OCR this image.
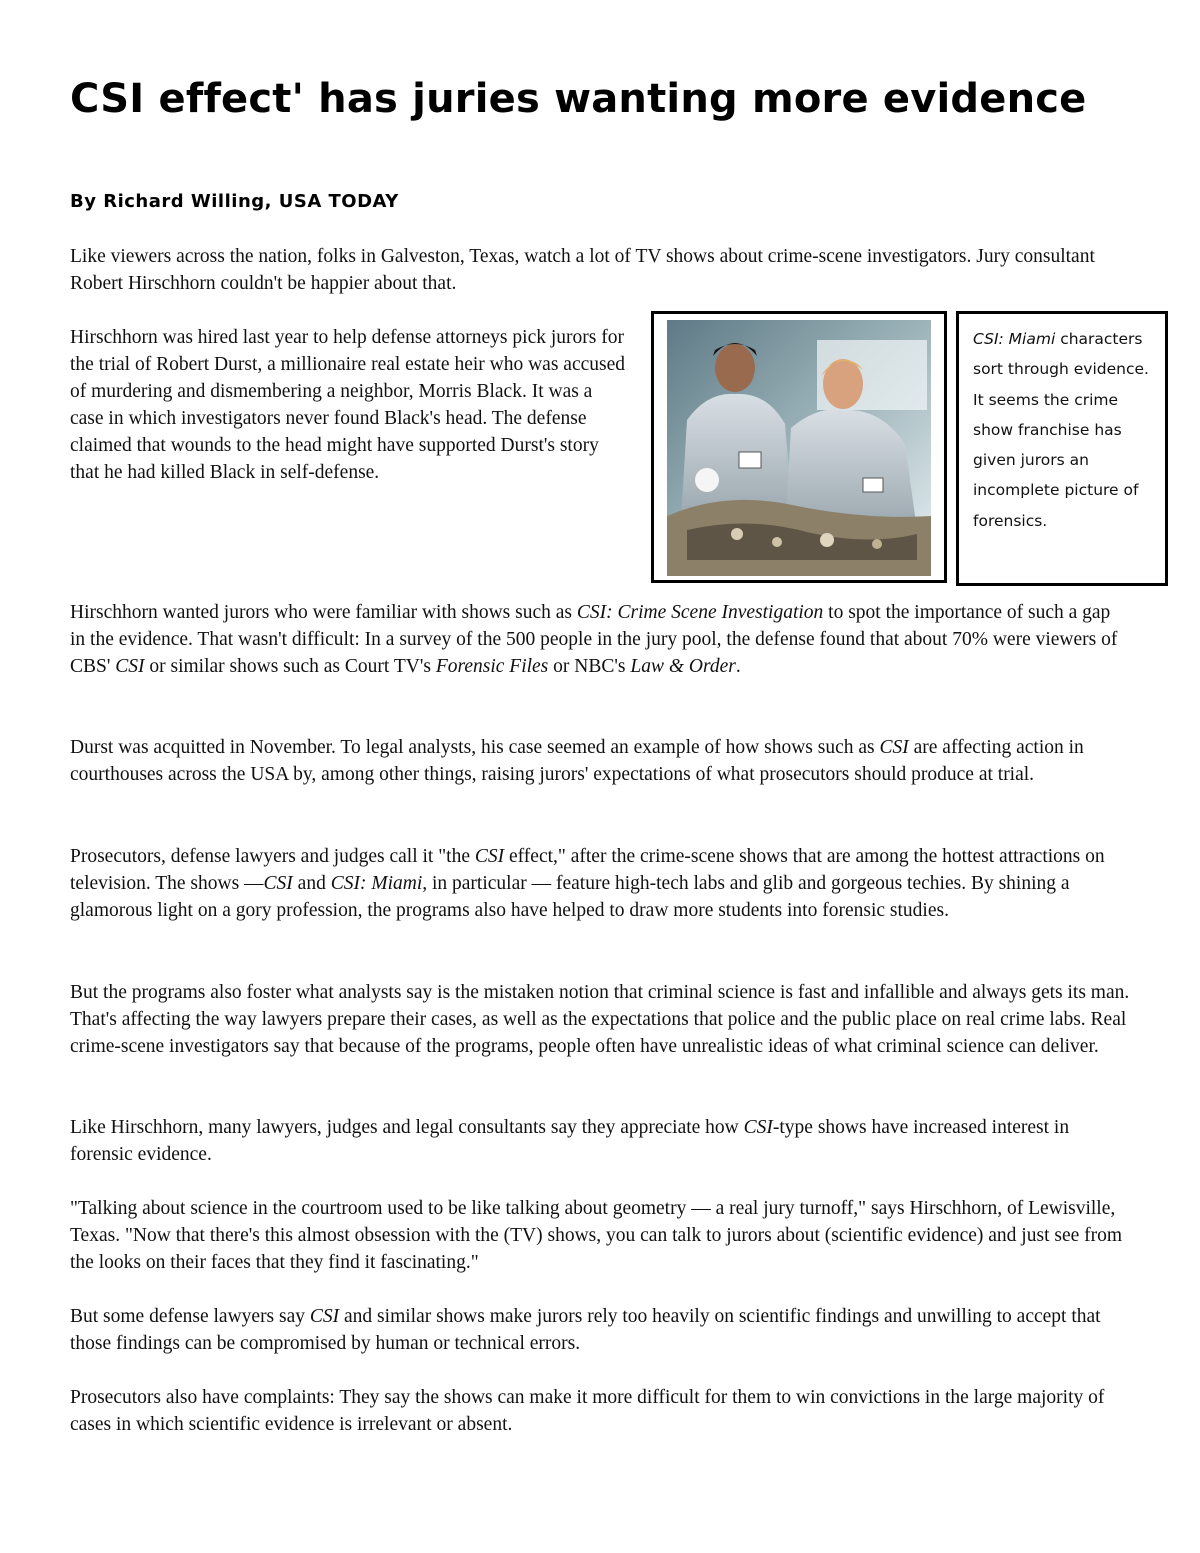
CSI effect' has juries wanting more evidence
By Richard Willing, USA TODAY

Like viewers across the nation, folks in Galveston, Texas, watch a lot of TV shows about crime-scene investigators. Jury consultant Robert Hirschhorn couldn't be happier about that.

Hirschhorn was hired last year to help defense attorneys pick jurors for the trial of Robert Durst, a millionaire real estate heir who was accused of murdering and dismembering a neighbor, Morris Black. It was a case in which investigators never found Black's head. The defense claimed that wounds to the head might have supported Durst's story that he had killed Black in self-defense.

CSI: Miami characters sort through evidence. It seems the crime show franchise has given jurors an incomplete picture of forensics.

Hirschhorn wanted jurors who were familiar with shows such as CSI: Crime Scene Investigation to spot the importance of such a gap in the evidence. That wasn't difficult: In a survey of the 500 people in the jury pool, the defense found that about 70% were viewers of CBS' CSI or similar shows such as Court TV's Forensic Files or NBC's Law & Order.

Durst was acquitted in November. To legal analysts, his case seemed an example of how shows such as CSI are affecting action in courthouses across the USA by, among other things, raising jurors' expectations of what prosecutors should produce at trial.

Prosecutors, defense lawyers and judges call it "the CSI effect," after the crime-scene shows that are among the hottest attractions on television. The shows —CSI and CSI: Miami, in particular — feature high-tech labs and glib and gorgeous techies. By shining a glamorous light on a gory profession, the programs also have helped to draw more students into forensic studies.

But the programs also foster what analysts say is the mistaken notion that criminal science is fast and infallible and always gets its man. That's affecting the way lawyers prepare their cases, as well as the expectations that police and the public place on real crime labs. Real crime-scene investigators say that because of the programs, people often have unrealistic ideas of what criminal science can deliver.

Like Hirschhorn, many lawyers, judges and legal consultants say they appreciate how CSI-type shows have increased interest in forensic evidence.

"Talking about science in the courtroom used to be like talking about geometry — a real jury turnoff," says Hirschhorn, of Lewisville, Texas. "Now that there's this almost obsession with the (TV) shows, you can talk to jurors about (scientific evidence) and just see from the looks on their faces that they find it fascinating."

But some defense lawyers say CSI and similar shows make jurors rely too heavily on scientific findings and unwilling to accept that those findings can be compromised by human or technical errors.

Prosecutors also have complaints: They say the shows can make it more difficult for them to win convictions in the large majority of cases in which scientific evidence is irrelevant or absent.
